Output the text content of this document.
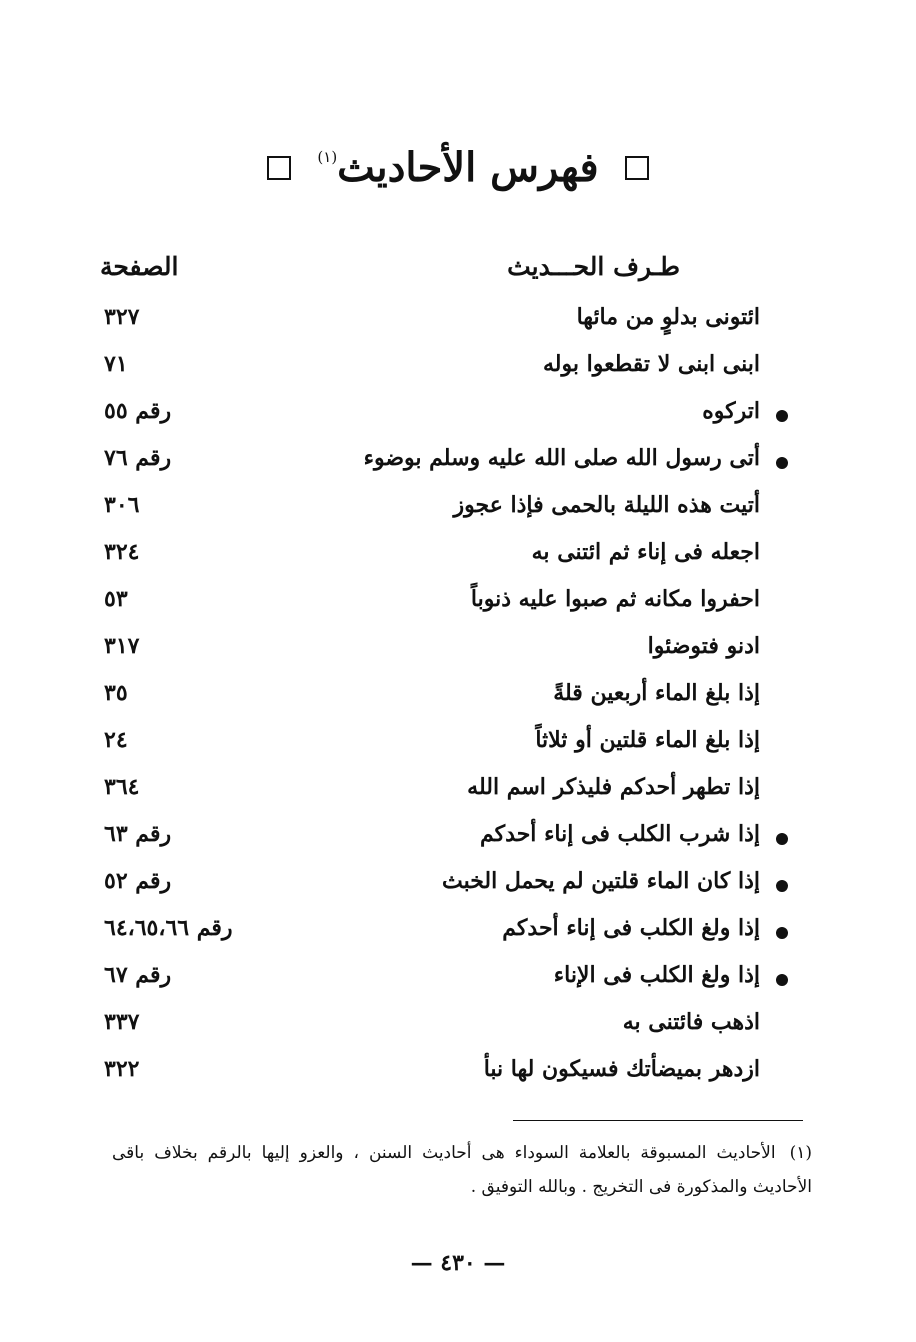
فهرس الأحاديث$^{(١)}$
طـرف الحـــديث
الصفحة
ائتونى بدلوٍ من مائها
٣٢٧
ابنى ابنى لا تقطعوا بوله
٧١
اتركوه
رقم ٥٥
أتى رسول الله صلى الله عليه وسلم بوضوء
رقم ٧٦
أتيت هذه الليلة بالحمى فإذا عجوز
٣٠٦
اجعله فى إناء ثم ائتنى به
٣٢٤
احفروا مكانه ثم صبوا عليه ذنوباً
٥٣
ادنو فتوضئوا
٣١٧
إذا بلغ الماء أربعين قلةً
٣٥
إذا بلغ الماء قلتين أو ثلاثاً
٢٤
إذا تطهر أحدكم فليذكر اسم الله
٣٦٤
إذا شرب الكلب فى إناء أحدكم
رقم ٦٣
إذا كان الماء قلتين لم يحمل الخبث
رقم ٥٢
إذا ولغ الكلب فى إناء أحدكم
رقم ٦٤،٦٥،٦٦
إذا ولغ الكلب فى الإناء
رقم ٦٧
اذهب فائتنى به
٣٣٧
ازدهر بميضأتك فسيكون لها نبأ
٣٢٢
(١)الأحاديث المسبوقة بالعلامة السوداء هى أحاديث السنن ، والعزو إليها بالرقم بخلاف باقى الأحاديث والمذكورة فى التخريج . وبالله التوفيق .
— ٤٣٠ —
